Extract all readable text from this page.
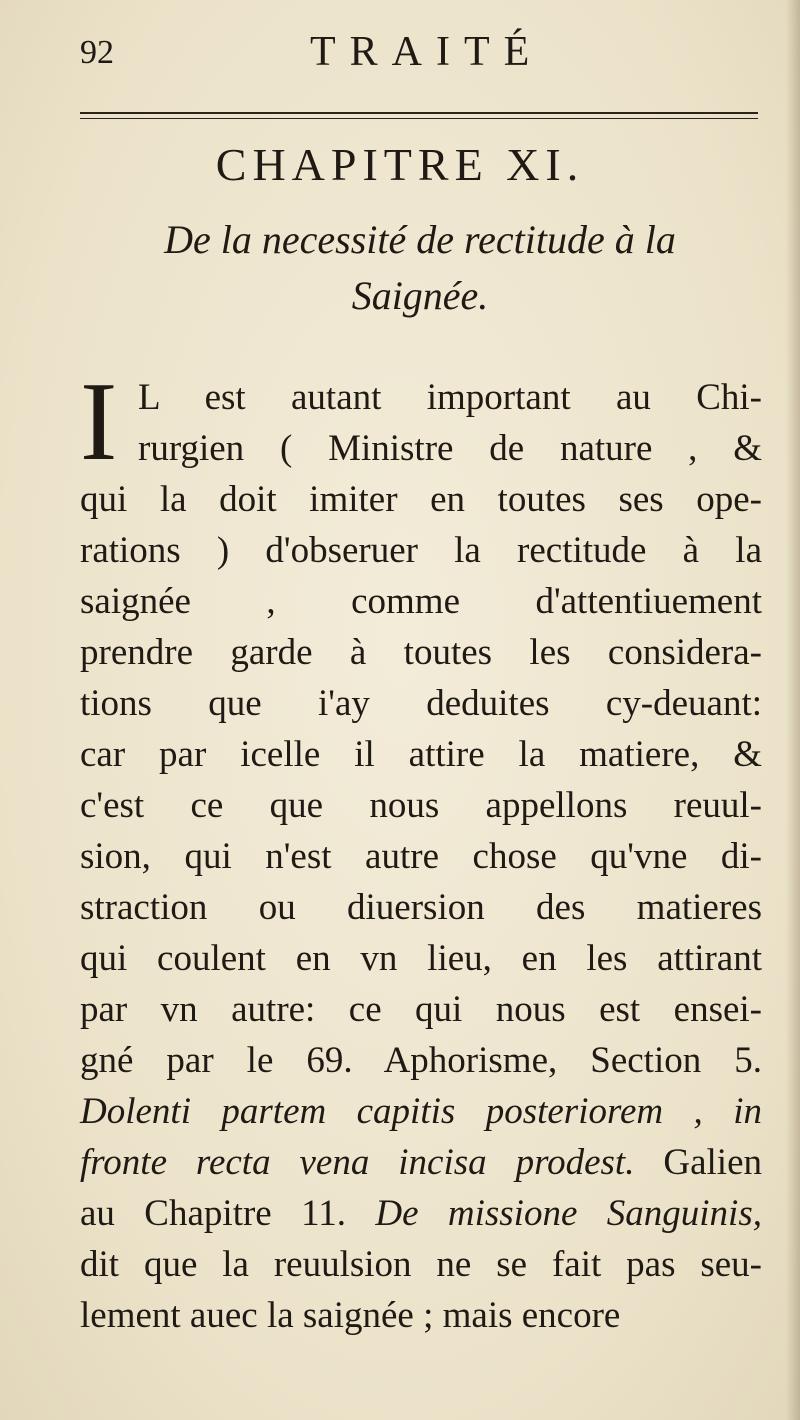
92	TRAITÉ
CHAPITRE XI.
De la necessité de rectitude à la
Saignée.
I L est autant important au Chi-
rurgien ( Ministre de nature , &
qui la doit imiter en toutes ses ope-
rations ) d'obseruer la rectitude à la
saignée , comme d'attentiuement
prendre garde à toutes les considera-
tions que i'ay deduites cy-deuant:
car par icelle il attire la matiere, &
c'est ce que nous appellons reuul-
sion, qui n'est autre chose qu'vne di-
straction ou diuersion des matieres
qui coulent en vn lieu, en les attirant
par vn autre: ce qui nous est ensei-
gné par le 69. Aphorisme, Section 5.
Dolenti partem capitis posteriorem , in
fronte recta vena incisa prodest. Galien
au Chapitre 11. De missione Sanguinis,
dit que la reuulsion ne se fait pas seu-
lement auec la saignée ; mais encore
